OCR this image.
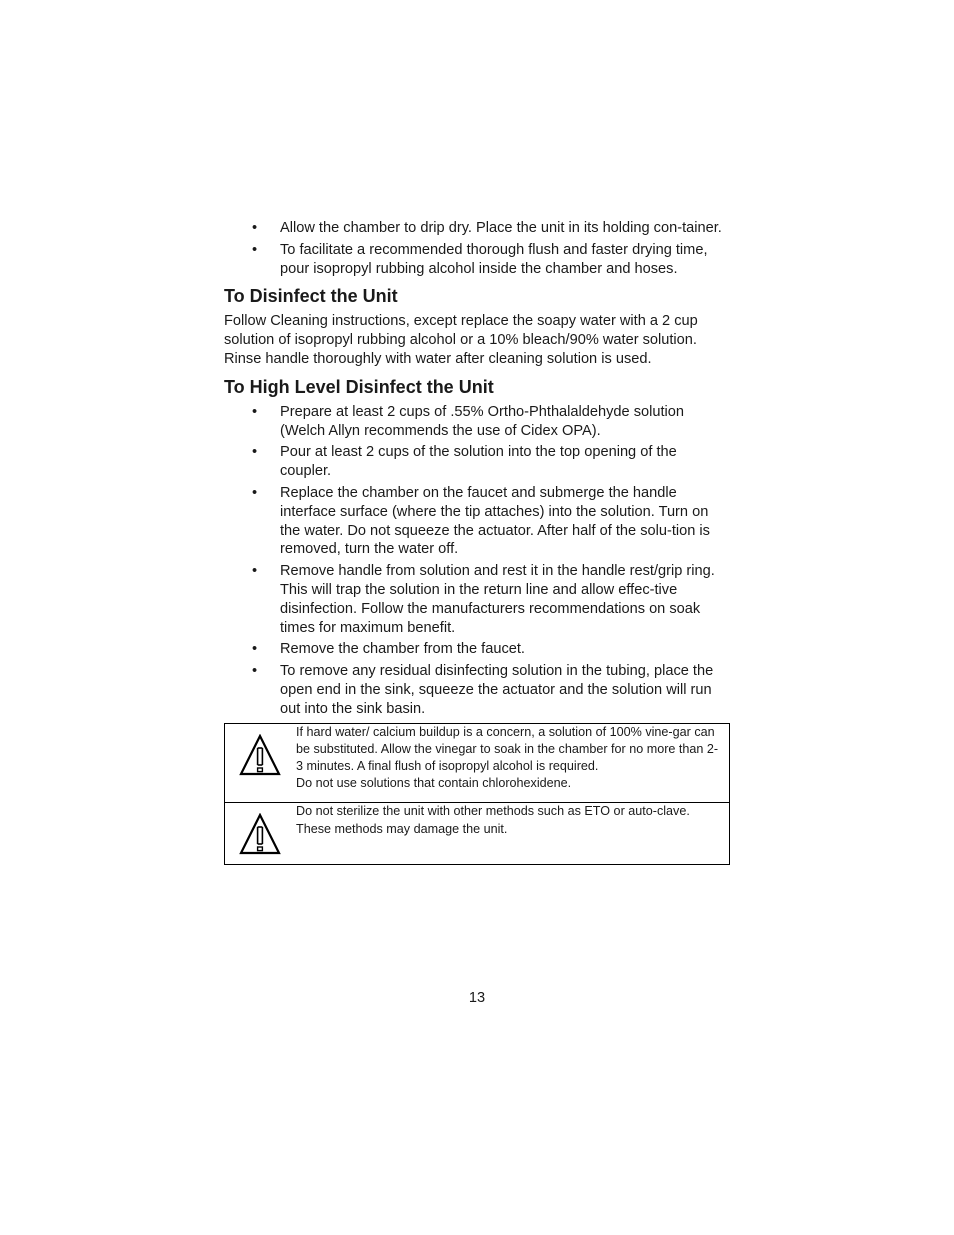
• Allow the chamber to drip dry. Place the unit in its holding con-tainer.
• To facilitate a recommended thorough flush and faster drying time, pour isopropyl rubbing alcohol inside the chamber and hoses.
To Disinfect the Unit

Follow Cleaning instructions, except replace the soapy water with a 2 cup solution of isopropyl rubbing alcohol or a 10% bleach/90% water solution. Rinse handle thoroughly with water after cleaning solution is used.

To High Level Disinfect the Unit
• Prepare at least 2 cups of .55% Ortho-Phthalaldehyde solution (Welch Allyn recommends the use of Cidex OPA).
• Pour at least 2 cups of the solution into the top opening of the coupler.
• Replace the chamber on the faucet and submerge the handle interface surface (where the tip attaches) into the solution. Turn on the water. Do not squeeze the actuator. After half of the solu-tion is removed, turn the water off.
• Remove handle from solution and rest it in the handle rest/grip ring. This will trap the solution in the return line and allow effec-tive disinfection. Follow the manufacturers recommendations on soak times for maximum benefit.
• Remove the chamber from the faucet.
• To remove any residual disinfecting solution in the tubing, place the open end in the sink, squeeze the actuator and the solution will run out into the sink basin.

If hard water/ calcium buildup is a concern, a solution of 100% vine-gar can be substituted. Allow the vinegar to soak in the chamber for no more than 2-3 minutes. A final flush of isopropyl alcohol is required.

Do not use solutions that contain chlorohexidene.

Do not sterilize the unit with other methods such as ETO or auto-clave. These methods may damage the unit.

13
